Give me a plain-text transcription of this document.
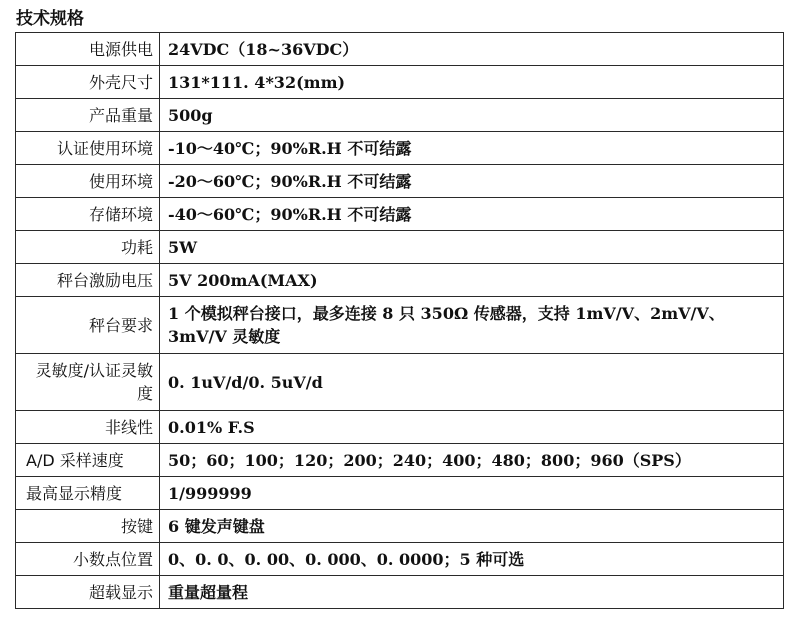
技术规格
电源供电	24VDC（18~36VDC）
外壳尺寸	131*111. 4*32(mm)
产品重量	500g
认证使用环境	-10～40℃；90%R.H 不可结露
使用环境	-20～60℃；90%R.H 不可结露
存储环境	-40～60℃；90%R.H 不可结露
功耗	5W
秤台激励电压	5V 200mA(MAX)
秤台要求	1 个模拟秤台接口，最多连接 8 只 350Ω 传感器，支持 1mV/V、2mV/V、3mV/V 灵敏度
灵敏度/认证灵敏度	0. 1uV/d/0. 5uV/d
非线性	0.01% F.S
A/D 采样速度	50；60；100；120；200；240；400；480；800；960（SPS）
最高显示精度	1/999999
按键	6 键发声键盘
小数点位置	0、0. 0、0. 00、0. 000、0. 0000；5 种可选
超载显示	重量超量程
